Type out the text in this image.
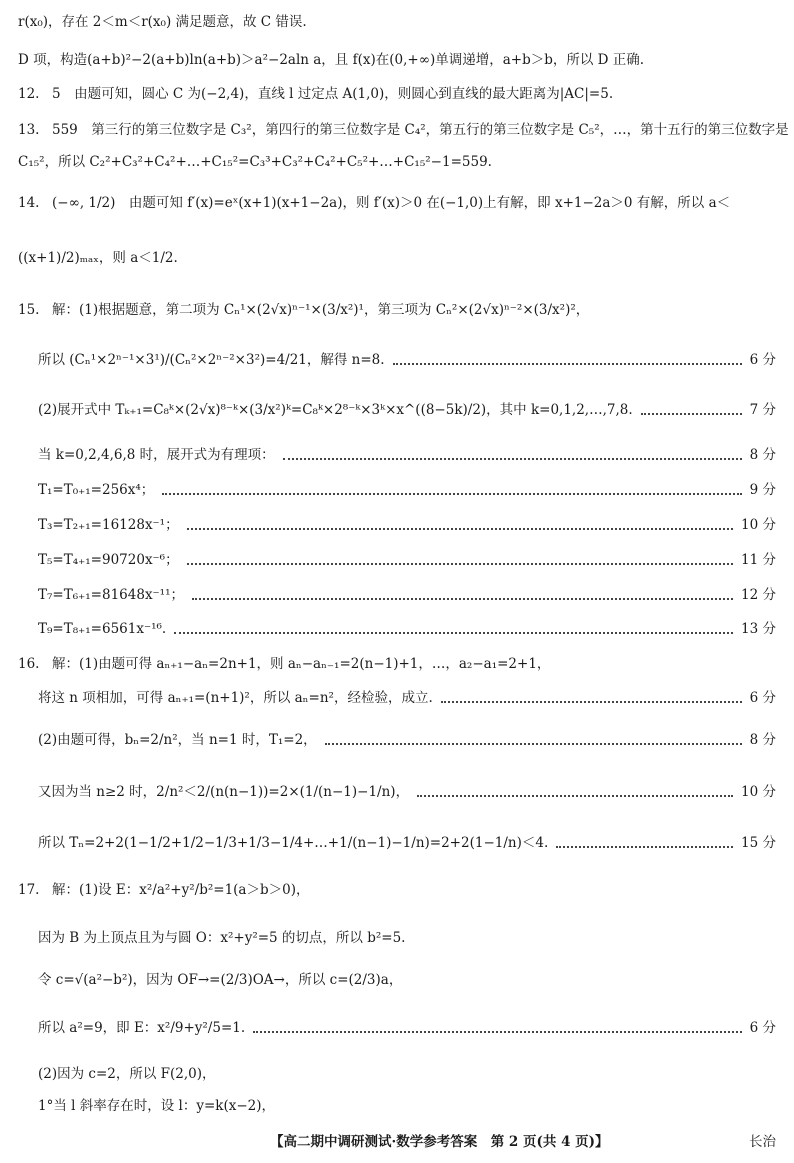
r(x₀)，存在 2＜m＜r(x₀) 满足题意，故 C 错误.
D 项，构造(a+b)²−2(a+b)ln(a+b)＞a²−2aln a，且 f(x)在(0,+∞)单调递增，a+b＞b，所以 D 正确.
12. 5　由题可知，圆心 C 为(−2,4)，直线 l 过定点 A(1,0)，则圆心到直线的最大距离为|AC|=5.
13. 559　第三行的第三位数字是 C₃²，第四行的第三位数字是 C₄²，第五行的第三位数字是 C₅²，…，第十五行的第三位数字是
C₁₅²，所以 C₂²+C₃²+C₄²+…+C₁₅²=C₃³+C₃²+C₄²+C₅²+…+C₁₅²−1=559.
14. (−∞, 1/2)　由题可知 f′(x)=eˣ(x+1)(x+1−2a)，则 f′(x)＞0 在(−1,0)上有解，即 x+1−2a＞0 有解，所以 a＜
((x+1)/2)ₘₐₓ，则 a＜1/2.
15. 解：(1)根据题意，第二项为 Cₙ¹×(2√x)ⁿ⁻¹×(3/x²)¹，第三项为 Cₙ²×(2√x)ⁿ⁻²×(3/x²)²，
所以 (Cₙ¹×2ⁿ⁻¹×3¹)/(Cₙ²×2ⁿ⁻²×3²)=4/21，解得 n=8.	6 分
(2)展开式中 Tₖ₊₁=C₈ᵏ×(2√x)⁸⁻ᵏ×(3/x²)ᵏ=C₈ᵏ×2⁸⁻ᵏ×3ᵏ×x^((8−5k)/2)，其中 k=0,1,2,…,7,8.	7 分
当 k=0,2,4,6,8 时，展开式为有理项：	8 分
T₁=T₀₊₁=256x⁴；	9 分
T₃=T₂₊₁=16128x⁻¹；	10 分
T₅=T₄₊₁=90720x⁻⁶；	11 分
T₇=T₆₊₁=81648x⁻¹¹；	12 分
T₉=T₈₊₁=6561x⁻¹⁶.	13 分
16. 解：(1)由题可得 aₙ₊₁−aₙ=2n+1，则 aₙ−aₙ₋₁=2(n−1)+1，…，a₂−a₁=2+1，
将这 n 项相加，可得 aₙ₊₁=(n+1)²，所以 aₙ=n²，经检验，成立.	6 分
(2)由题可得，bₙ=2/n²，当 n=1 时，T₁=2，	8 分
又因为当 n≥2 时，2/n²＜2/(n(n−1))=2×(1/(n−1)−1/n)，	10 分
所以 Tₙ=2+2(1−1/2+1/2−1/3+1/3−1/4+…+1/(n−1)−1/n)=2+2(1−1/n)＜4.	15 分
17. 解：(1)设 E：x²/a²+y²/b²=1(a＞b＞0)，
因为 B 为上顶点且为与圆 O：x²+y²=5 的切点，所以 b²=5.
令 c=√(a²−b²)，因为 OF→=(2/3)OA→，所以 c=(2/3)a，
所以 a²=9，即 E：x²/9+y²/5=1.	6 分
(2)因为 c=2，所以 F(2,0)，
1°当 l 斜率存在时，设 l：y=k(x−2)，
【高二期中调研测试·数学参考答案　第 2 页(共 4 页)】	长治
